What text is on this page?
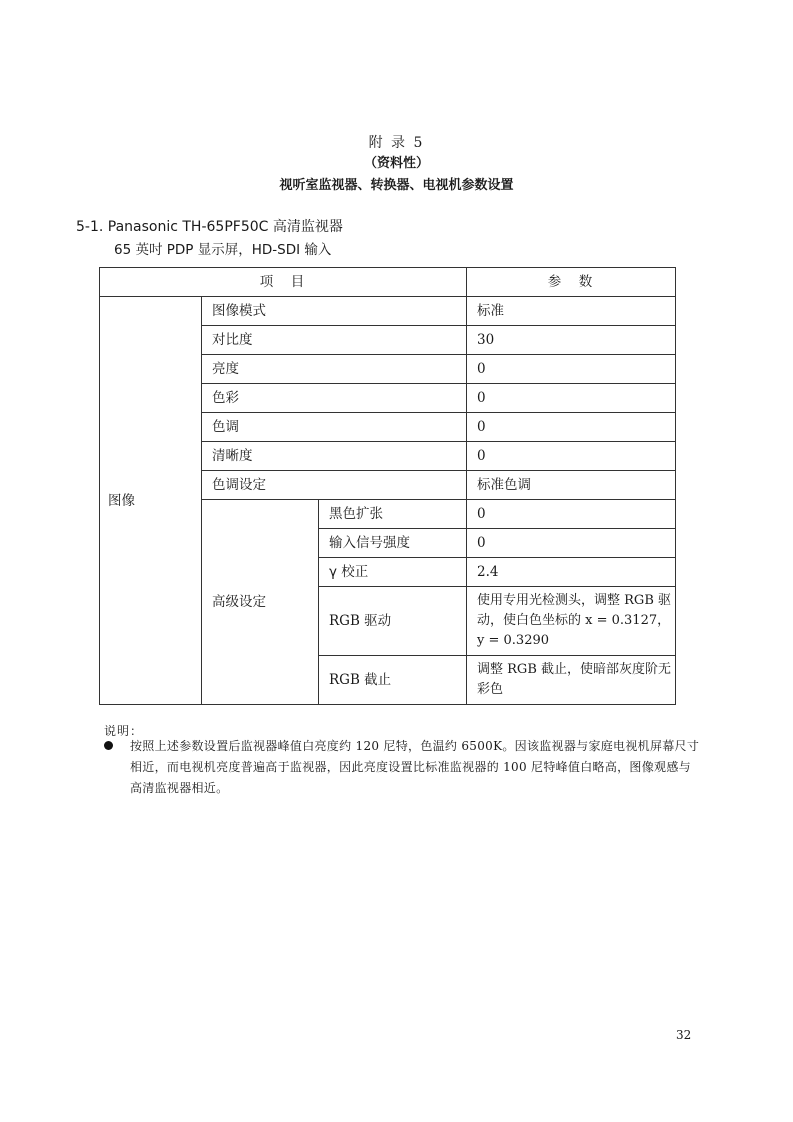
附 录 5
（资料性）
视听室监视器、转换器、电视机参数设置
5-1. Panasonic TH-65PF50C 高清监视器
65 英吋 PDP 显示屏，HD-SDI 输入
项　目			参　数
图像	图像模式		标准
	对比度		30
	亮度		0
	色彩		0
	色调		0
	清晰度		0
	色调设定		标准色调
	高级设定	黑色扩张	0
		输入信号强度	0
		γ 校正	2.4
		RGB 驱动	使用专用光检测头，调整 RGB 驱动，使白色坐标的 x = 0.3127，y = 0.3290
		RGB 截止	调整 RGB 截止，使暗部灰度阶无彩色
说明：
按照上述参数设置后监视器峰值白亮度约 120 尼特，色温约 6500K。因该监视器与家庭电视机屏幕尺寸相近，而电视机亮度普遍高于监视器，因此亮度设置比标准监视器的 100 尼特峰值白略高，图像观感与高清监视器相近。
32
